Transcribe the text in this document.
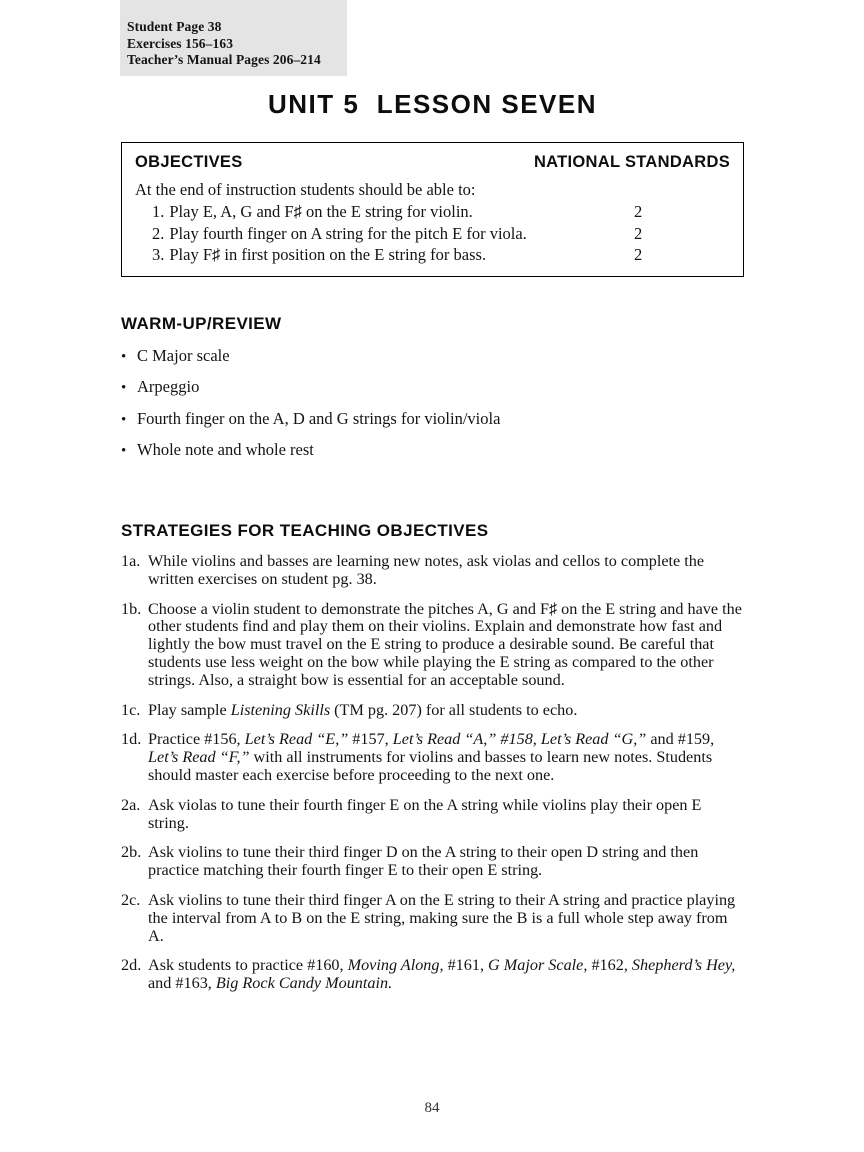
Student Page 38
Exercises 156–163
Teacher’s Manual Pages 206–214
UNIT 5  LESSON SEVEN
OBJECTIVES	NATIONAL STANDARDS
At the end of instruction students should be able to:
1. Play E, A, G and F♯ on the E string for violin.	2
2. Play fourth finger on A string for the pitch E for viola.	2
3. Play F♯ in first position on the E string for bass.	2
WARM-UP/REVIEW
• C Major scale
• Arpeggio
• Fourth finger on the A, D and G strings for violin/viola
• Whole note and whole rest
STRATEGIES FOR TEACHING OBJECTIVES
1a. While violins and basses are learning new notes, ask violas and cellos to complete the written exercises on student pg. 38.
1b. Choose a violin student to demonstrate the pitches A, G and F♯ on the E string and have the other students find and play them on their violins. Explain and demonstrate how fast and lightly the bow must travel on the E string to produce a desirable sound. Be careful that students use less weight on the bow while playing the E string as compared to the other strings. Also, a straight bow is essential for an acceptable sound.
1c. Play sample Listening Skills (TM pg. 207) for all students to echo.
1d. Practice #156, Let’s Read “E,” #157, Let’s Read “A,” #158, Let’s Read “G,” and #159, Let’s Read “F,” with all instruments for violins and basses to learn new notes. Students should master each exercise before proceeding to the next one.
2a. Ask violas to tune their fourth finger E on the A string while violins play their open E string.
2b. Ask violins to tune their third finger D on the A string to their open D string and then practice matching their fourth finger E to their open E string.
2c. Ask violins to tune their third finger A on the E string to their A string and practice playing the interval from A to B on the E string, making sure the B is a full whole step away from A.
2d. Ask students to practice #160, Moving Along, #161, G Major Scale, #162, Shepherd’s Hey, and #163, Big Rock Candy Mountain.
84
